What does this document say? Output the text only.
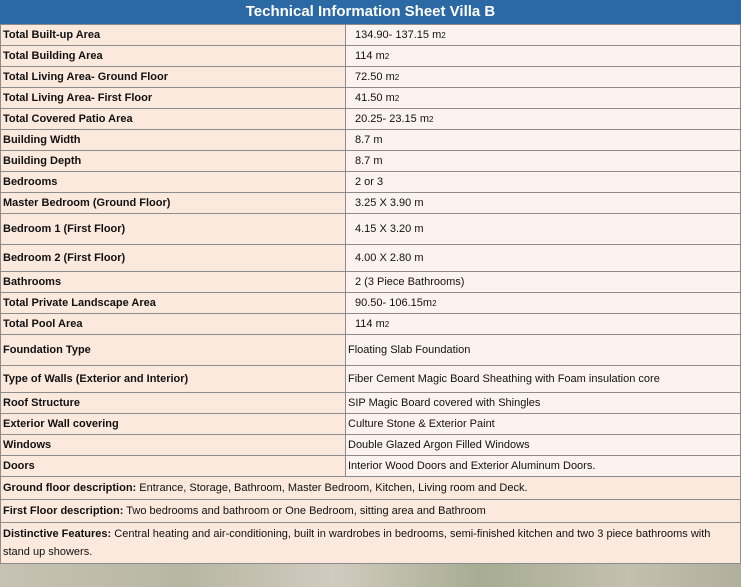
Technical Information Sheet Villa B
Total Built-up Area	134.90- 137.15 m2
Total Building Area	114 m2
Total Living Area- Ground Floor	72.50 m2
Total Living Area- First Floor	41.50 m2
Total Covered Patio Area	20.25- 23.15 m2
Building Width	8.7 m
Building Depth	8.7 m
Bedrooms	2 or 3
Master Bedroom (Ground Floor)	3.25 X 3.90 m
Bedroom 1 (First Floor)	4.15 X 3.20 m
Bedroom 2 (First Floor)	4.00 X 2.80 m
Bathrooms	2 (3 Piece Bathrooms)
Total Private Landscape Area	90.50- 106.15m2
Total Pool Area	114 m2
Foundation Type	Floating Slab Foundation
Type of Walls (Exterior and Interior)	Fiber Cement Magic Board Sheathing with Foam insulation core
Roof Structure	SIP Magic Board covered with Shingles
Exterior Wall covering	Culture Stone & Exterior Paint
Windows	Double Glazed Argon Filled Windows
Doors	Interior Wood Doors and Exterior Aluminum Doors.
Ground floor description: Entrance, Storage, Bathroom, Master Bedroom, Kitchen, Living room and Deck.	
First Floor description: Two bedrooms and bathroom or One Bedroom, sitting area and Bathroom	
Distinctive Features: Central heating and air-conditioning, built in wardrobes in bedrooms, semi-finished kitchen and two 3 piece bathrooms with stand up showers.	
